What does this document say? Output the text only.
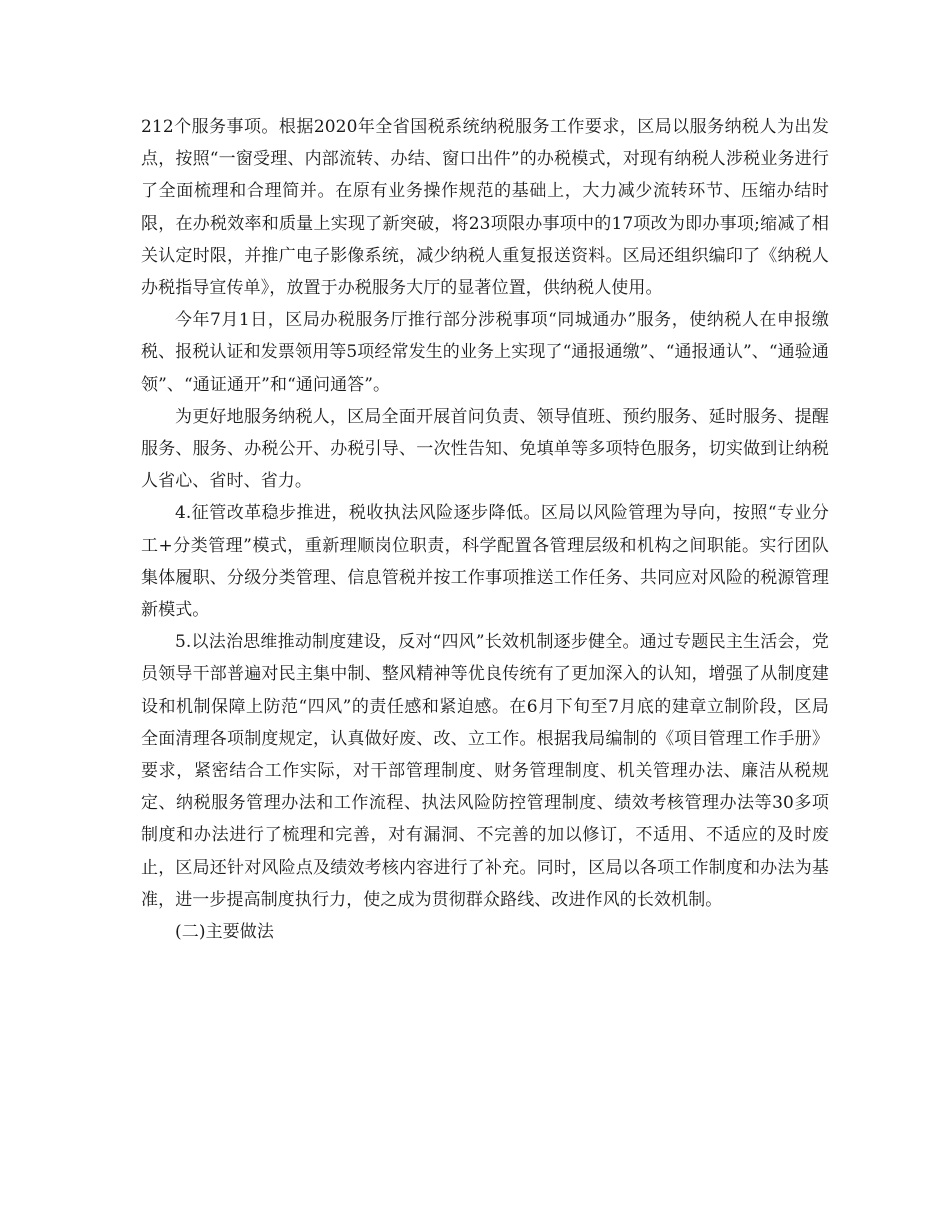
212个服务事项。根据2020年全省国税系统纳税服务工作要求，区局以服务纳税人为出发点，按照“一窗受理、内部流转、办结、窗口出件”的办税模式，对现有纳税人涉税业务进行了全面梳理和合理简并。在原有业务操作规范的基础上，大力减少流转环节、压缩办结时限，在办税效率和质量上实现了新突破，将23项限办事项中的17项改为即办事项;缩减了相关认定时限，并推广电子影像系统，减少纳税人重复报送资料。区局还组织编印了《纳税人办税指导宣传单》，放置于办税服务大厅的显著位置，供纳税人使用。

今年7月1日，区局办税服务厅推行部分涉税事项“同城通办”服务，使纳税人在申报缴税、报税认证和发票领用等5项经常发生的业务上实现了“通报通缴”、“通报通认”、“通验通领”、“通证通开”和“通问通答”。

为更好地服务纳税人，区局全面开展首问负责、领导值班、预约服务、延时服务、提醒服务、服务、办税公开、办税引导、一次性告知、免填单等多项特色服务，切实做到让纳税人省心、省时、省力。

4.征管改革稳步推进，税收执法风险逐步降低。区局以风险管理为导向，按照“专业分工+分类管理”模式，重新理顺岗位职责，科学配置各管理层级和机构之间职能。实行团队集体履职、分级分类管理、信息管税并按工作事项推送工作任务、共同应对风险的税源管理新模式。

5.以法治思维推动制度建设，反对“四风”长效机制逐步健全。通过专题民主生活会，党员领导干部普遍对民主集中制、整风精神等优良传统有了更加深入的认知，增强了从制度建设和机制保障上防范“四风”的责任感和紧迫感。在6月下旬至7月底的建章立制阶段，区局全面清理各项制度规定，认真做好废、改、立工作。根据我局编制的《项目管理工作手册》要求，紧密结合工作实际，对干部管理制度、财务管理制度、机关管理办法、廉洁从税规定、纳税服务管理办法和工作流程、执法风险防控管理制度、绩效考核管理办法等30多项制度和办法进行了梳理和完善，对有漏洞、不完善的加以修订，不适用、不适应的及时废止，区局还针对风险点及绩效考核内容进行了补充。同时，区局以各项工作制度和办法为基准，进一步提高制度执行力，使之成为贯彻群众路线、改进作风的长效机制。

(二)主要做法
